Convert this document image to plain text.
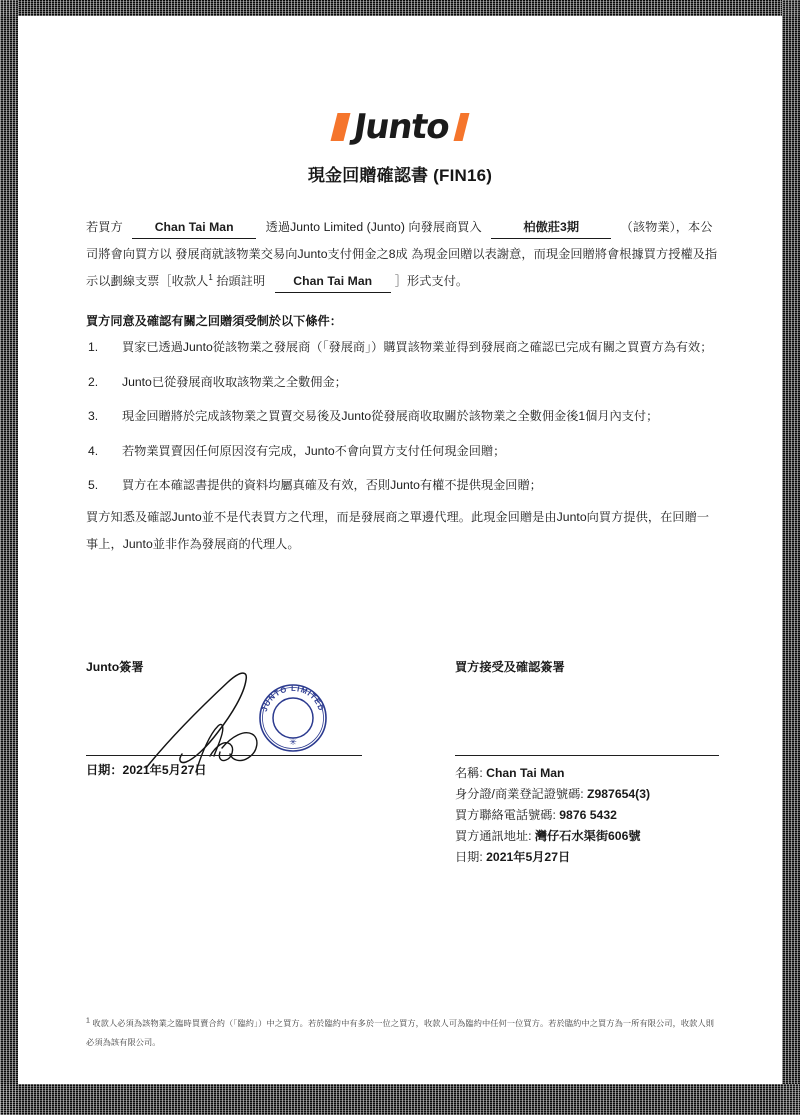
Junto
現金回贈確認書 (FIN16)
若買方	Chan Tai Man	透過Junto Limited (Junto) 向發展商買入	柏傲莊3期	（該物業），本公司將會向買方以 發展商就該物業交易向Junto支付佣金之8成 為現金回贈以表謝意，而現金回贈將會根據買方授權及指示以劃線支票［收款人$^1$ 抬頭註明 Chan Tai Man ］形式支付。
買方同意及確認有關之回贈須受制於以下條件：
1. 買家已透過Junto從該物業之發展商（「發展商」）購買該物業並得到發展商之確認已完成有關之買賣方為有效；
2. Junto已從發展商收取該物業之全數佣金；
3. 現金回贈將於完成該物業之買賣交易後及Junto從發展商收取關於該物業之全數佣金後1個月內支付；
4. 若物業買賣因任何原因沒有完成，Junto不會向買方支付任何現金回贈；
5. 買方在本確認書提供的資料均屬真確及有效，否則Junto有權不提供現金回贈；
買方知悉及確認Junto並不是代表買方之代理，而是發展商之單邊代理。此現金回贈是由Junto向買方提供，在回贈一事上，Junto並非作為發展商的代理人。
Junto簽署
JUNTO LIMITED
✳
日期：2021年5月27日
買方接受及確認簽署
名稱: Chan Tai Man
身分證/商業登記證號碼: Z987654(3)
買方聯絡電話號碼: 9876 5432
買方通訊地址: 灣仔石水渠街606號
日期: 2021年5月27日
$^1$ 收款人必須為該物業之臨時買賣合約（「臨約」）中之買方。若於臨約中有多於一位之買方，收款人可為臨約中任何一位買方。若於臨約中之買方為一所有限公司，收款人則必須為該有限公司。
